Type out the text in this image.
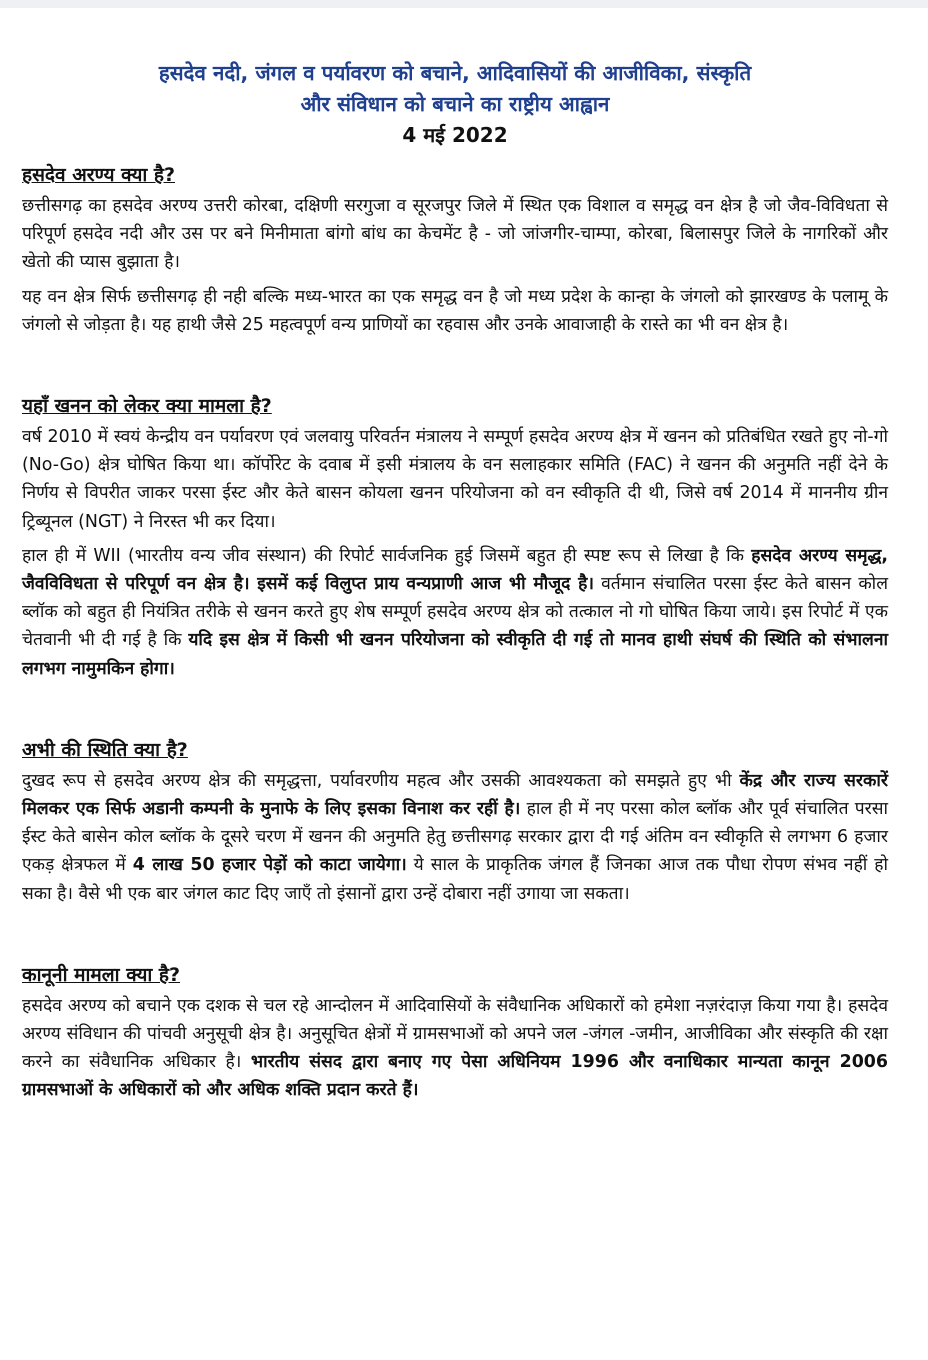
हसदेव नदी, जंगल व पर्यावरण को बचाने, आदिवासियों की आजीविका, संस्कृति
और संविधान को बचाने का राष्ट्रीय आह्वान
4 मई 2022
हसदेव अरण्य क्या है?

छत्तीसगढ़ का हसदेव अरण्य उत्तरी कोरबा, दक्षिणी सरगुजा व सूरजपुर जिले में स्थित एक विशाल व समृद्ध वन क्षेत्र है जो जैव-विविधता से परिपूर्ण हसदेव नदी और उस पर बने मिनीमाता बांगो बांध का केचमेंट है - जो जांजगीर-चाम्पा, कोरबा, बिलासपुर जिले के नागरिकों और खेतो की प्यास बुझाता है।

यह वन क्षेत्र सिर्फ छत्तीसगढ़ ही नही बल्कि मध्य-भारत का एक समृद्ध वन है जो मध्य प्रदेश के कान्हा के जंगलो को झारखण्ड के पलामू के जंगलो से जोड़ता है। यह हाथी जैसे 25 महत्वपूर्ण वन्य प्राणियों का रहवास और उनके आवाजाही के रास्ते का भी वन क्षेत्र है।

यहाँ खनन को लेकर क्या मामला है?

वर्ष 2010 में स्वयं केन्द्रीय वन पर्यावरण एवं जलवायु परिवर्तन मंत्रालय ने सम्पूर्ण हसदेव अरण्य क्षेत्र में खनन को प्रतिबंधित रखते हुए नो-गो (No-Go) क्षेत्र घोषित किया था। कॉर्पोरेट के दवाब में इसी मंत्रालय के वन सलाहकार समिति (FAC) ने खनन की अनुमति नहीं देने के निर्णय से विपरीत जाकर परसा ईस्ट और केते बासन कोयला खनन परियोजना को वन स्वीकृति दी थी, जिसे वर्ष 2014 में माननीय ग्रीन ट्रिब्यूनल (NGT) ने निरस्त भी कर दिया।

हाल ही में WII (भारतीय वन्य जीव संस्थान) की रिपोर्ट सार्वजनिक हुई जिसमें बहुत ही स्पष्ट रूप से लिखा है कि हसदेव अरण्य समृद्ध, जैवविविधता से परिपूर्ण वन क्षेत्र है। इसमें कई विलुप्त प्राय वन्यप्राणी आज भी मौजूद है। वर्तमान संचालित परसा ईस्ट केते बासन कोल ब्लॉक को बहुत ही नियंत्रित तरीके से खनन करते हुए शेष सम्पूर्ण हसदेव अरण्य क्षेत्र को तत्काल नो गो घोषित किया जाये। इस रिपोर्ट में एक चेतवानी भी दी गई है कि यदि इस क्षेत्र में किसी भी खनन परियोजना को स्वीकृति दी गई तो मानव हाथी संघर्ष की स्थिति को संभालना लगभग नामुमकिन होगा।

अभी की स्थिति क्या है?

दुखद रूप से हसदेव अरण्य क्षेत्र की समृद्धत्ता, पर्यावरणीय महत्व और उसकी आवश्यकता को समझते हुए भी केंद्र और राज्य सरकारें मिलकर एक सिर्फ अडानी कम्पनी के मुनाफे के लिए इसका विनाश कर रहीं है। हाल ही में नए परसा कोल ब्लॉक और पूर्व संचालित परसा ईस्ट केते बासेन कोल ब्लॉक के दूसरे चरण में खनन की अनुमति हेतु छत्तीसगढ़ सरकार द्वारा दी गई अंतिम वन स्वीकृति से लगभग 6 हजार एकड़ क्षेत्रफल में 4 लाख 50 हजार पेड़ों को काटा जायेगा। ये साल के प्राकृतिक जंगल हैं जिनका आज तक पौधा रोपण संभव नहीं हो सका है। वैसे भी एक बार जंगल काट दिए जाएँ तो इंसानों द्वारा उन्हें दोबारा नहीं उगाया जा सकता।

कानूनी मामला क्या है?

हसदेव अरण्य को बचाने एक दशक से चल रहे आन्दोलन में आदिवासियों के संवैधानिक अधिकारों को हमेशा नज़रंदाज़ किया गया है। हसदेव अरण्य संविधान की पांचवी अनुसूची क्षेत्र है। अनुसूचित क्षेत्रों में ग्रामसभाओं को अपने जल -जंगल -जमीन, आजीविका और संस्कृति की रक्षा करने का संवैधानिक अधिकार है। भारतीय संसद द्वारा बनाए गए पेसा अधिनियम 1996 और वनाधिकार मान्यता कानून 2006 ग्रामसभाओं के अधिकारों को और अधिक शक्ति प्रदान करते हैं।
